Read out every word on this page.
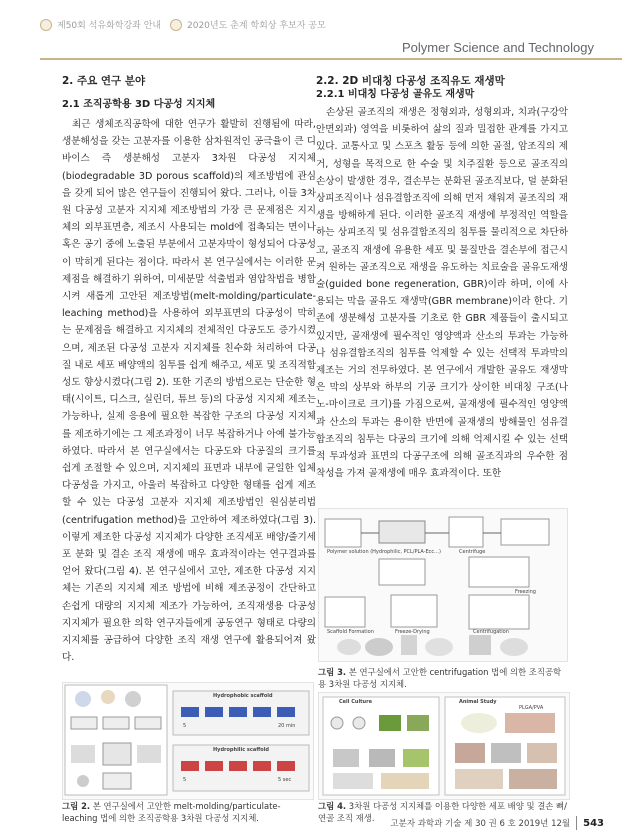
제50회 석유화학강좌 안내	2020년도 춘계 학회상 후보자 공모
Polymer Science and Technology

2. 주요 연구 분야

2.1 조직공학용 3D 다공성 지지체

최근 생체조직공학에 대한 연구가 활발히 진행됨에 따라, 생분해성을 갖는 고분자를 이용한 삼차원적인 공극율이 큰 디바이스 즉 생분해성 고분자 3차원 다공성 지지체(biodegradable 3D porous scaffold)의 제조방법에 관심을 갖게 되어 많은 연구들이 진행되어 왔다. 그러나, 이들 3차원 다공성 고분자 지지체 제조방법의 가장 큰 문제점은 지지체의 외부표면층, 제조시 사용되는 mold에 접촉되는 면이나 혹은 공기 중에 노출된 부분에서 고분자막이 형성되어 다공성이 막히게 된다는 점이다. 따라서 본 연구실에서는 이러한 문제점을 해결하기 위하여, 미세분말 석출법과 염압착법을 병합시켜 새롭게 고안된 제조방법(melt-molding/particulate-leaching method)을 사용하여 외부표면의 다공성이 막히는 문제점을 해결하고 지지체의 전체적인 다공도도 증가시켰으며, 제조된 다공성 고분자 지지체를 친수화 처리하여 다공질 내로 세포 배양액의 침투를 쉽게 해주고, 세포 및 조직적합성도 향상시켰다(그림 2). 또한 기존의 방법으로는 단순한 형태(시이트, 디스크, 실린더, 튜브 등)의 다공성 지지체 제조는 가능하나, 실제 응용에 필요한 복잡한 구조의 다공성 지지체를 제조하기에는 그 제조과정이 너무 복잡하거나 아예 불가능하였다. 따라서 본 연구실에서는 다공도와 다공질의 크기를 쉽게 조절할 수 있으며, 지지체의 표면과 내부에 균일한 입체 다공성을 가지고, 아울러 복잡하고 다양한 형태를 쉽게 제조할 수 있는 다공성 고분자 지지체 제조방법인 원심분리법(centrifugation method)을 고안하여 제조하였다(그림 3). 이렇게 제조한 다공성 지지체가 다양한 조직세포 배양/줄기세포 분화 및 결손 조직 재생에 매우 효과적이라는 연구결과를 얻어 왔다(그림 4). 본 연구실에서 고안, 제조한 다공성 지지체는 기존의 지지체 제조 방법에 비해 제조공정이 간단하고 손쉽게 대량의 지지체 제조가 가능하여, 조직재생용 다공성 지지체가 필요한 의학 연구자들에게 공동연구 형태로 다량의 지지체를 공급하여 다양한 조직 재생 연구에 활용되어져 왔다.

2.2. 2D 비대칭 다공성 조직유도 재생막

2.2.1 비대칭 다공성 골유도 재생막

손상된 골조직의 재생은 정형외과, 성형외과, 치과(구강악안면외과) 영역을 비롯하여 삶의 질과 밀접한 관계를 가지고 있다. 교통사고 및 스포츠 활동 등에 의한 골절, 암조직의 제거, 성형을 목적으로 한 수술 및 치주질환 등으로 골조직의 손상이 발생한 경우, 결손부는 분화된 골조직보다, 덜 분화된 상피조직이나 섬유결합조직에 의해 먼저 채워져 골조직의 재생을 방해하게 된다. 이러한 골조직 재생에 부정적인 역할을 하는 상피조직 및 섬유결합조직의 침투를 물리적으로 차단하고, 골조직 재생에 유용한 세포 및 물질만을 결손부에 접근시켜 원하는 골조직으로 재생을 유도하는 치료술을 골유도재생술(guided bone regeneration, GBR)이라 하며, 이에 사용되는 막을 골유도 재생막(GBR membrane)이라 한다. 기존에 생분해성 고분자를 기초로 한 GBR 제품들이 출시되고 있지만, 골재생에 필수적인 영양액과 산소의 투과는 가능하나 섬유결합조직의 침투를 억제할 수 있는 선택적 투과막의 제조는 거의 전무하였다. 본 연구에서 개발한 골유도 재생막은 막의 상부와 하부의 기공 크기가 상이한 비대칭 구조(나노-마이크로 크기)를 가짐으로써, 골재생에 필수적인 영양액과 산소의 투과는 용이한 반면에 골재생의 방해물인 섬유결합조직의 침투는 다공의 크기에 의해 억제시킬 수 있는 선택적 투과성과 표면의 다공구조에 의해 골조직과의 우수한 점착성을 가져 골재생에 매우 효과적이다. 또한

Polymer solution (Hydrophilic, PCL/PLA-Ecc...)	Centrifuge
Scaffold Formation	Freeze-Drying
Freezing
Centrifugation
그림 3. 본 연구실에서 고안한 centrifugation 법에 의한 조직공학용 3차원 다공성 지지체.
Hydrophobic scaffold
Hydrophilic scaffold
5	20 min
5	5 sec
그림 2. 본 연구실에서 고안한 melt-molding/particulate-leaching 법에 의한 조직공학용 3차원 다공성 지지체.
Cell Culture	Animal Study
PLGA/PVA
그림 4. 3차원 다공성 지지체를 이용한 다양한 세포 배양 및 결손 뼈/연골 조직 재생.
고분자 과학과 기술 제 30 권 6 호 2019년 12월 543
